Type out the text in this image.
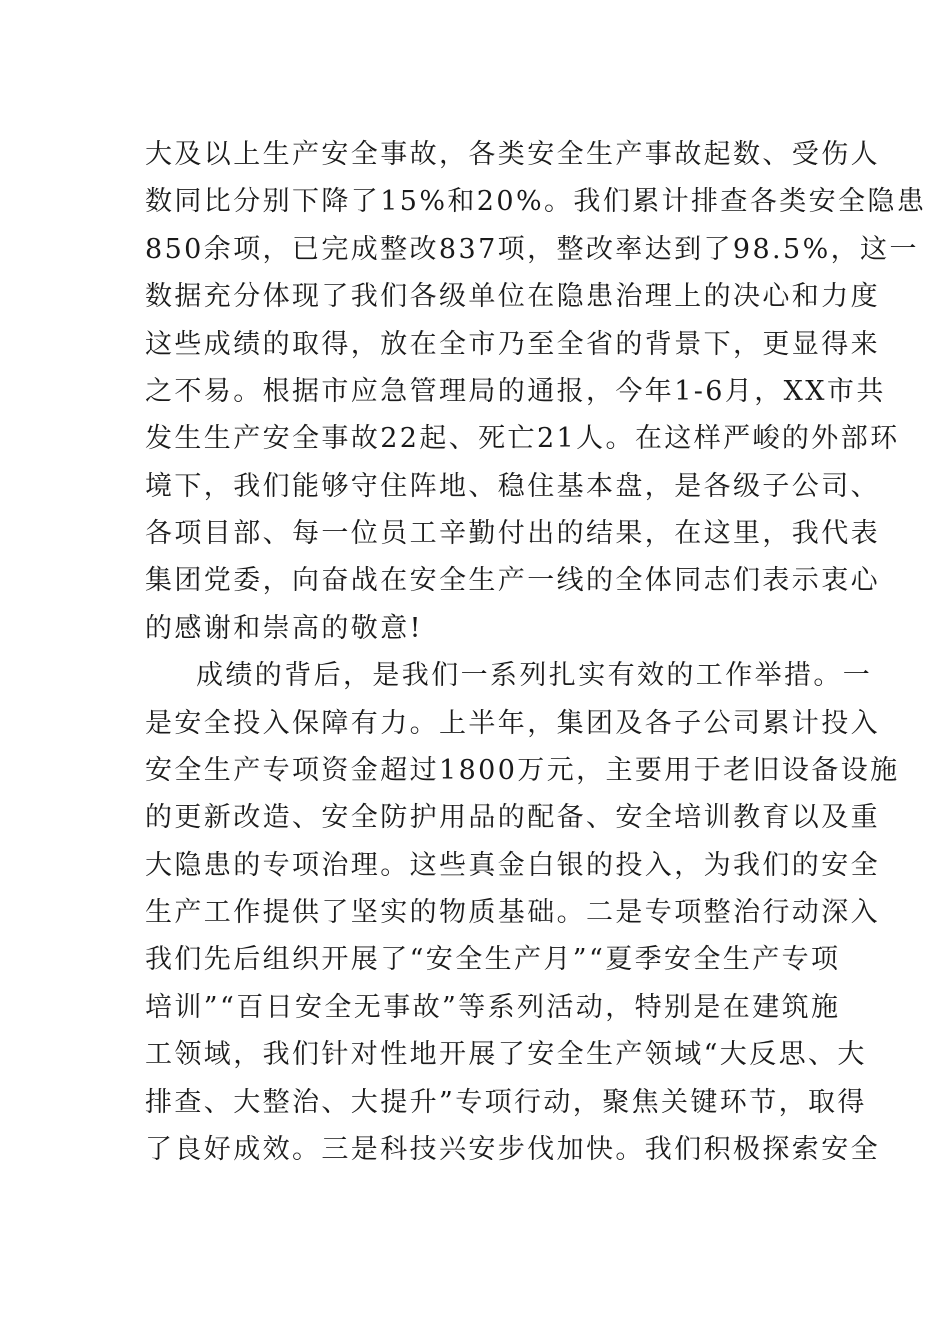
大及以上生产安全事故，各类安全生产事故起数、受伤人
数同比分别下降了15%和20%。我们累计排查各类安全隐患
850余项，已完成整改837项，整改率达到了98.5%，这一
数据充分体现了我们各级单位在隐患治理上的决心和力度
这些成绩的取得，放在全市乃至全省的背景下，更显得来
之不易。根据市应急管理局的通报，今年1-6月，XX市共
发生生产安全事故22起、死亡21人。在这样严峻的外部环
境下，我们能够守住阵地、稳住基本盘，是各级子公司、
各项目部、每一位员工辛勤付出的结果，在这里，我代表
集团党委，向奋战在安全生产一线的全体同志们表示衷心
的感谢和崇高的敬意!
成绩的背后，是我们一系列扎实有效的工作举措。一
是安全投入保障有力。上半年，集团及各子公司累计投入
安全生产专项资金超过1800万元，主要用于老旧设备设施
的更新改造、安全防护用品的配备、安全培训教育以及重
大隐患的专项治理。这些真金白银的投入，为我们的安全
生产工作提供了坚实的物质基础。二是专项整治行动深入
我们先后组织开展了“安全生产月”“夏季安全生产专项
培训”“百日安全无事故”等系列活动，特别是在建筑施
工领域，我们针对性地开展了安全生产领域“大反思、大
排查、大整治、大提升”专项行动，聚焦关键环节，取得
了良好成效。三是科技兴安步伐加快。我们积极探索安全
